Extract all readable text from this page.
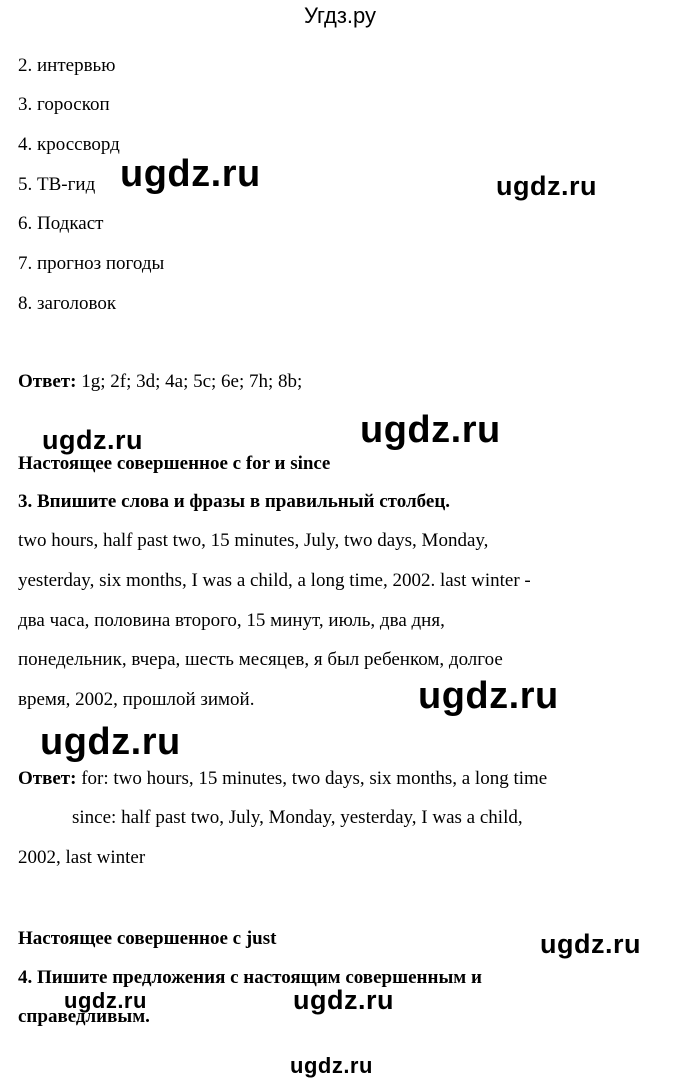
Угдз.ру
2. интервью
3. гороскоп
4. кроссворд
5. ТВ-гид
6. Подкаст
7. прогноз погоды
8. заголовок
Ответ: 1g; 2f; 3d; 4a; 5c; 6e; 7h; 8b;
Настоящее совершенное с for и since
3. Впишите слова и фразы в правильный столбец.
two hours, half past two, 15 minutes, July, two days, Monday,
yesterday, six months, I was a child, a long time, 2002. last winter -
два часа, половина второго, 15 минут, июль, два дня,
понедельник, вчера, шесть месяцев, я был ребенком, долгое
время, 2002, прошлой зимой.
Ответ: for: two hours, 15 minutes, two days, six months, a long time
since: half past two, July, Monday, yesterday, I was a child,
2002, last winter
Настоящее совершенное с just
4. Пишите предложения с настоящим совершенным и
справедливым.
ugdz.ru	ugdz.ru
ugdz.ru	ugdz.ru
ugdz.ru
ugdz.ru
ugdz.ru
ugdz.ru	ugdz.ru
ugdz.ru
